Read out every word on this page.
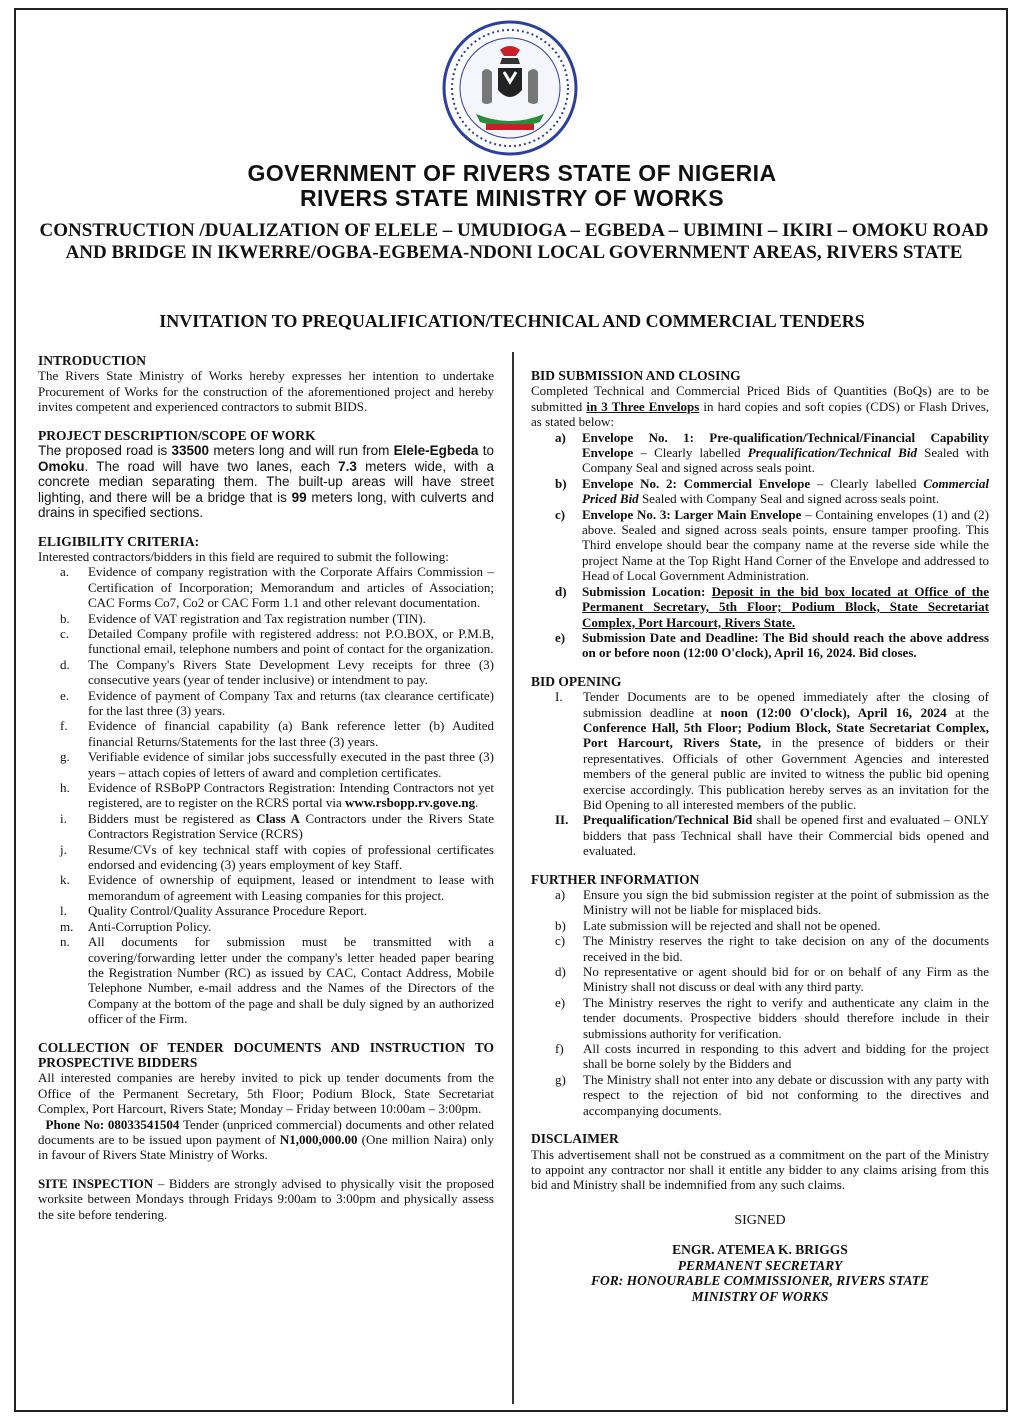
GOVERNMENT OF RIVERS STATE OF NIGERIA
RIVERS STATE MINISTRY OF WORKS
CONSTRUCTION /DUALIZATION OF ELELE – UMUDIOGA – EGBEDA – UBIMINI – IKIRI – OMOKU ROAD AND BRIDGE IN IKWERRE/OGBA-EGBEMA-NDONI LOCAL GOVERNMENT AREAS, RIVERS STATE
INVITATION TO PREQUALIFICATION/TECHNICAL AND COMMERCIAL TENDERS

INTRODUCTION

The Rivers State Ministry of Works hereby expresses her intention to undertake Procurement of Works for the construction of the aforementioned project and hereby invites competent and experienced contractors to submit BIDS.

PROJECT DESCRIPTION/SCOPE OF WORK

The proposed road is 33500 meters long and will run from Elele-Egbeda to Omoku. The road will have two lanes, each 7.3 meters wide, with a concrete median separating them. The built-up areas will have street lighting, and there will be a bridge that is 99 meters long, with culverts and drains in specified sections.

ELIGIBILITY CRITERIA:

Interested contractors/bidders in this field are required to submit the following:

a. Evidence of company registration with the Corporate Affairs Commission – Certification of Incorporation; Memorandum and articles of Association; CAC Forms Co7, Co2 or CAC Form 1.1 and other relevant documentation.
b. Evidence of VAT registration and Tax registration number (TIN).
c. Detailed Company profile with registered address: not P.O.BOX, or P.M.B, functional email, telephone numbers and point of contact for the organization.
d. The Company's Rivers State Development Levy receipts for three (3) consecutive years (year of tender inclusive) or intendment to pay.
e. Evidence of payment of Company Tax and returns (tax clearance certificate) for the last three (3) years.
f. Evidence of financial capability (a) Bank reference letter (b) Audited financial Returns/Statements for the last three (3) years.
g. Verifiable evidence of similar jobs successfully executed in the past three (3) years – attach copies of letters of award and completion certificates.
h. Evidence of RSBoPP Contractors Registration: Intending Contractors not yet registered, are to register on the RCRS portal via www.rsbopp.rv.gove.ng.
i. Bidders must be registered as Class A Contractors under the Rivers State Contractors Registration Service (RCRS)
j. Resume/CVs of key technical staff with copies of professional certificates endorsed and evidencing (3) years employment of key Staff.
k. Evidence of ownership of equipment, leased or intendment to lease with memorandum of agreement with Leasing companies for this project.
l. Quality Control/Quality Assurance Procedure Report.
m. Anti-Corruption Policy.
n. All documents for submission must be transmitted with a covering/forwarding letter under the company's letter headed paper bearing the Registration Number (RC) as issued by CAC, Contact Address, Mobile Telephone Number, e-mail address and the Names of the Directors of the Company at the bottom of the page and shall be duly signed by an authorized officer of the Firm.

COLLECTION OF TENDER DOCUMENTS AND INSTRUCTION TO PROSPECTIVE BIDDERS

All interested companies are hereby invited to pick up tender documents from the Office of the Permanent Secretary, 5th Floor; Podium Block, State Secretariat Complex, Port Harcourt, Rivers State; Monday – Friday between 10:00am – 3:00pm.

Phone No: 08033541504 Tender (unpriced commercial) documents and other related documents are to be issued upon payment of N1,000,000.00 (One million Naira) only in favour of Rivers State Ministry of Works.

SITE INSPECTION – Bidders are strongly advised to physically visit the proposed worksite between Mondays through Fridays 9:00am to 3:00pm and physically assess the site before tendering.

BID SUBMISSION AND CLOSING

Completed Technical and Commercial Priced Bids of Quantities (BoQs) are to be submitted in 3 Three Envelops in hard copies and soft copies (CDS) or Flash Drives, as stated below:

a) Envelope No. 1: Pre-qualification/Technical/Financial Capability Envelope – Clearly labelled Prequalification/Technical Bid Sealed with Company Seal and signed across seals point.
b) Envelope No. 2: Commercial Envelope – Clearly labelled Commercial Priced Bid Sealed with Company Seal and signed across seals point.
c) Envelope No. 3: Larger Main Envelope – Containing envelopes (1) and (2) above. Sealed and signed across seals points, ensure tamper proofing. This Third envelope should bear the company name at the reverse side while the project Name at the Top Right Hand Corner of the Envelope and addressed to Head of Local Government Administration.
d) Submission Location: Deposit in the bid box located at Office of the Permanent Secretary, 5th Floor; Podium Block, State Secretariat Complex, Port Harcourt, Rivers State.
e) Submission Date and Deadline: The Bid should reach the above address on or before noon (12:00 O'clock), April 16, 2024. Bid closes.

BID OPENING

I. Tender Documents are to be opened immediately after the closing of submission deadline at noon (12:00 O'clock), April 16, 2024 at the Conference Hall, 5th Floor; Podium Block, State Secretariat Complex, Port Harcourt, Rivers State, in the presence of bidders or their representatives. Officials of other Government Agencies and interested members of the general public are invited to witness the public bid opening exercise accordingly. This publication hereby serves as an invitation for the Bid Opening to all interested members of the public.
II. Prequalification/Technical Bid shall be opened first and evaluated – ONLY bidders that pass Technical shall have their Commercial bids opened and evaluated.

FURTHER INFORMATION

a) Ensure you sign the bid submission register at the point of submission as the Ministry will not be liable for misplaced bids.
b) Late submission will be rejected and shall not be opened.
c) The Ministry reserves the right to take decision on any of the documents received in the bid.
d) No representative or agent should bid for or on behalf of any Firm as the Ministry shall not discuss or deal with any third party.
e) The Ministry reserves the right to verify and authenticate any claim in the tender documents. Prospective bidders should therefore include in their submissions authority for verification.
f) All costs incurred in responding to this advert and bidding for the project shall be borne solely by the Bidders and
g) The Ministry shall not enter into any debate or discussion with any party with respect to the rejection of bid not conforming to the directives and accompanying documents.

DISCLAIMER

This advertisement shall not be construed as a commitment on the part of the Ministry to appoint any contractor nor shall it entitle any bidder to any claims arising from this bid and Ministry shall be indemnified from any such claims.

SIGNED

ENGR. ATEMEA K. BRIGGS

PERMANENT SECRETARY

FOR: HONOURABLE COMMISSIONER, RIVERS STATE

MINISTRY OF WORKS
